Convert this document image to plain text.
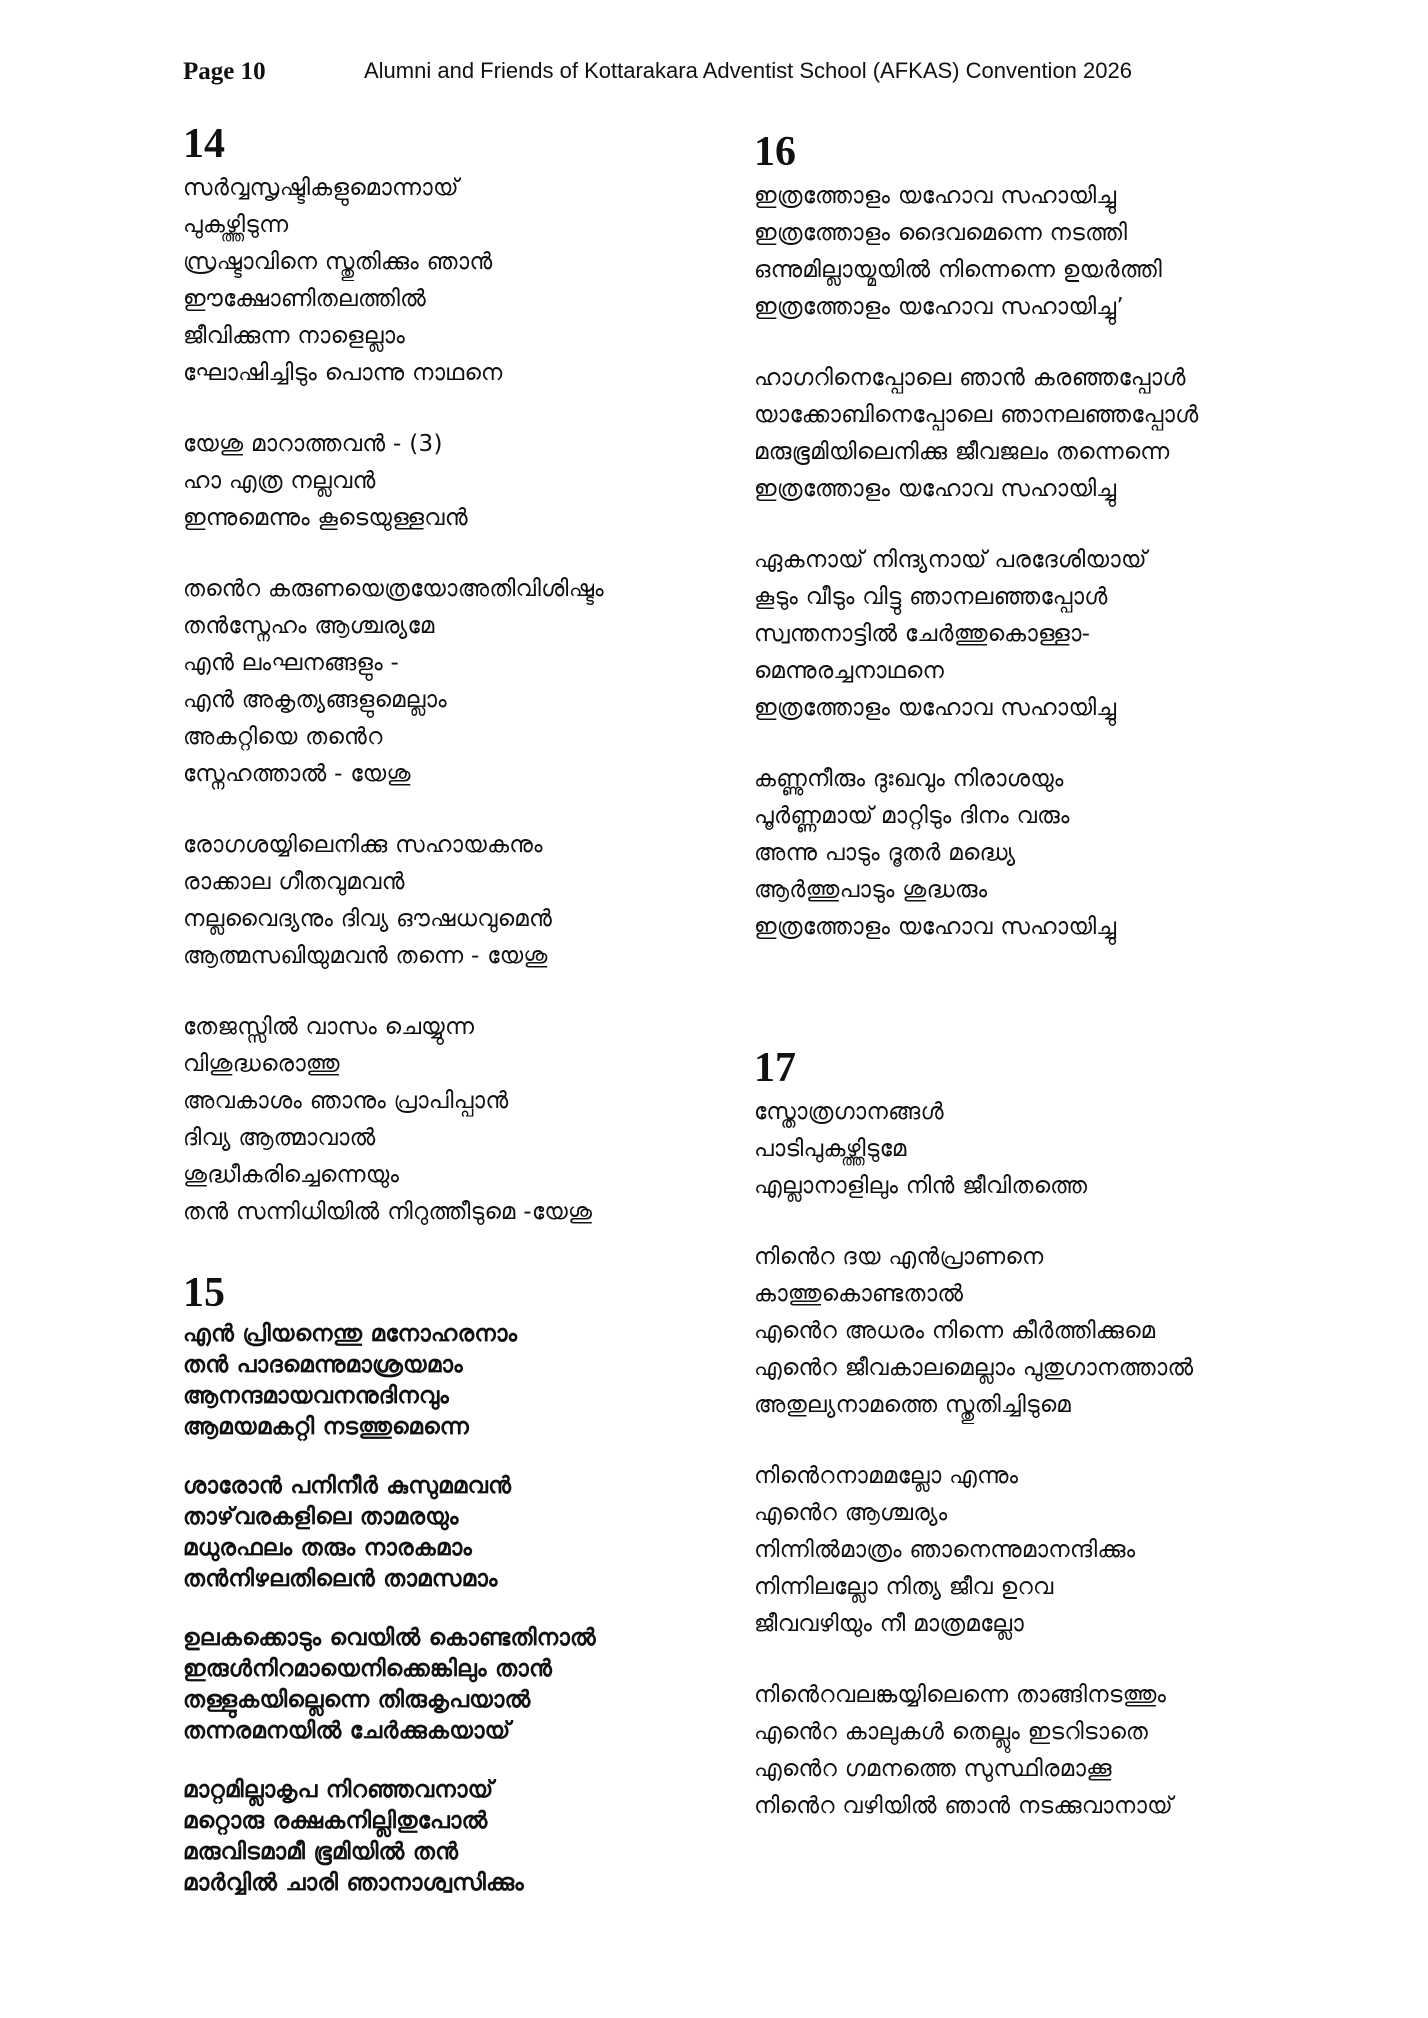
Page 10	Alumni and Friends of Kottarakara Adventist School (AFKAS) Convention 2026
14
സർവ്വസൃഷ്ടികളുമൊന്നായ്
പുകഴ്ത്തിടുന്ന
സ്രഷ്ടാവിനെ സ്തുതിക്കും ഞാൻ
ഈക്ഷോണിതലത്തിൽ
ജീവിക്കുന്ന നാളെല്ലാം
ഘോഷിച്ചിടും പൊന്നു നാഥനെ
യേശു മാറാത്തവൻ - (3)
ഹാ എത്ര നല്ലവൻ
ഇന്നുമെന്നും കൂടെയുള്ളവൻ
തൻെറ കരുണയെത്രയോഅതിവിശിഷ്ടം
തൻസ്നേഹം ആശ്ചര്യമേ
എൻ ലംഘനങ്ങളും -
എൻ അകൃത്യങ്ങളുമെല്ലാം
അകറ്റിയെ തൻെറ
സ്നേഹത്താൽ - യേശു
രോഗശയ്യിലെനിക്കു സഹായകനും
രാക്കാല ഗീതവുമവൻ
നല്ലവൈദ്യനും ദിവ്യ ഔഷധവുമെൻ
ആത്മസഖിയുമവൻ തന്നെ - യേശു
തേജസ്സിൽ വാസം ചെയ്യുന്ന
വിശുദ്ധരൊത്തു
അവകാശം ഞാനും പ്രാപിപ്പാൻ
ദിവ്യ ആത്മാവാൽ
ശുദ്ധീകരിച്ചെന്നെയും
തൻ സന്നിധിയിൽ നിറുത്തീടുമെ -യേശു
15
എൻ പ്രിയനെന്തു മനോഹരനാം
തൻ പാദമെന്നുമാശ്രയമാം
ആനന്ദമായവനനുദിനവും
ആമയമകറ്റി നടത്തുമെന്നെ
ശാരോൻ പനിനീർ കുസുമമവൻ
താഴ്‌വരകളിലെ താമരയും
മധുരഫലം തരും നാരകമാം
തൻനിഴലതിലെൻ താമസമാം
ഉലകക്കൊടും വെയിൽ കൊണ്ടതിനാൽ
ഇരുൾനിറമായെനിക്കെങ്കിലും താൻ
തള്ളുകയില്ലെന്നെ തിരുകൃപയാൽ
തന്നരമനയിൽ ചേർക്കുകയായ്
മാറ്റമില്ലാകൃപ നിറഞ്ഞവനായ്
മറ്റൊരു രക്ഷകനില്ലിതുപോൽ
മരുവിടമാമീ ഭൂമിയിൽ തൻ
മാർവ്വിൽ ചാരി ഞാനാശ്വസിക്കും
16
ഇത്രത്തോളം യഹോവ സഹായിച്ചു
ഇത്രത്തോളം ദൈവമെന്നെ നടത്തി
ഒന്നുമില്ലായ്മയിൽ നിന്നെന്നെ ഉയർത്തി
ഇത്രത്തോളം യഹോവ സഹായിച്ചു’
ഹാഗറിനെപ്പോലെ ഞാൻ കരഞ്ഞപ്പോൾ
യാക്കോബിനെപ്പോലെ ഞാനലഞ്ഞപ്പോൾ
മരുഭൂമിയിലെനിക്കു ജീവജലം തന്നെന്നെ
ഇത്രത്തോളം യഹോവ സഹായിച്ചു
ഏകനായ് നിന്ദ്യനായ് പരദേശിയായ്
കൂടും വീടും വിട്ടു ഞാനലഞ്ഞപ്പോൾ
സ്വന്തനാട്ടിൽ ചേർത്തുകൊള്ളാ-
മെന്നുരച്ചനാഥനെ
ഇത്രത്തോളം യഹോവ സഹായിച്ചു
കണ്ണുനീരും ദുഃഖവും നിരാശയും
പൂർണ്ണമായ് മാറ്റിടും ദിനം വരും
അന്നു പാടും ദൂതർ മദ്ധ്യെ
ആർത്തുപാടും ശുദ്ധരും
ഇത്രത്തോളം യഹോവ സഹായിച്ചു
17
സ്തോത്രഗാനങ്ങൾ
പാടിപുകഴ്ത്തിടുമേ
എല്ലാനാളിലും നിൻ ജീവിതത്തെ
നിൻെറ ദയ എൻപ്രാണനെ
കാത്തുകൊണ്ടതാൽ
എൻെറ അധരം നിന്നെ കീർത്തിക്കുമെ
എൻെറ ജീവകാലമെല്ലാം പുതുഗാനത്താൽ
അതുല്യനാമത്തെ സ്തുതിച്ചിടുമെ
നിൻെറനാമമല്ലോ എന്നും
എൻെറ ആശ്ചര്യം
നിന്നിൽമാത്രം ഞാനെന്നുമാനന്ദിക്കും
നിന്നിലല്ലോ നിത്യ ജീവ ഉറവ
ജീവവഴിയും നീ മാത്രമല്ലോ
നിൻെറവലങ്കയ്യിലെന്നെ താങ്ങിനടത്തും
എൻെറ കാലുകൾ തെല്ലും ഇടറിടാതെ
എൻെറ ഗമനത്തെ സുസ്ഥിരമാക്കൂ
നിൻെറ വഴിയിൽ ഞാൻ നടക്കുവാനായ്
